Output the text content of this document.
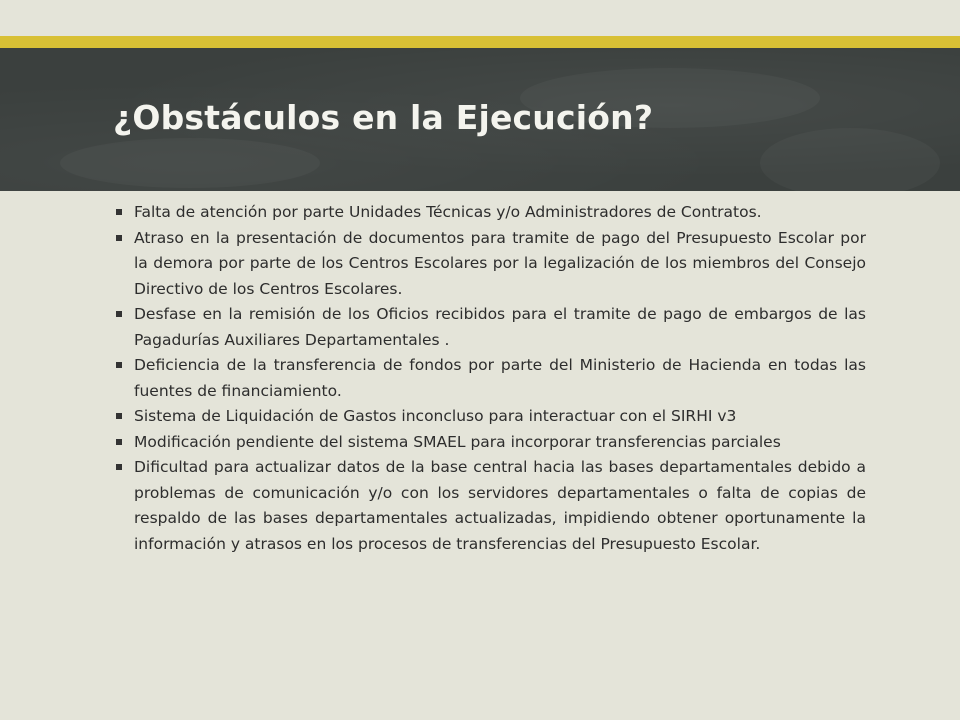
¿Obstáculos en la Ejecución?
Falta de atención por parte Unidades Técnicas y/o Administradores de Contratos.
Atraso en la presentación de documentos para tramite de pago del Presupuesto Escolar por la demora por parte de los Centros Escolares por la legalización de los miembros del Consejo Directivo de los Centros Escolares.
Desfase en la remisión de los Oficios recibidos para el tramite de pago de embargos de las Pagadurías Auxiliares Departamentales .
Deficiencia de la transferencia de fondos por parte del Ministerio de Hacienda en todas las fuentes de financiamiento.
Sistema de Liquidación de Gastos inconcluso para interactuar con el SIRHI v3
Modificación pendiente del sistema SMAEL para incorporar transferencias parciales
Dificultad para actualizar datos de la base central hacia las bases departamentales debido a problemas de comunicación y/o con los servidores departamentales o falta de copias de respaldo de las bases departamentales actualizadas, impidiendo obtener oportunamente la información y atrasos en los procesos de transferencias del Presupuesto Escolar.
